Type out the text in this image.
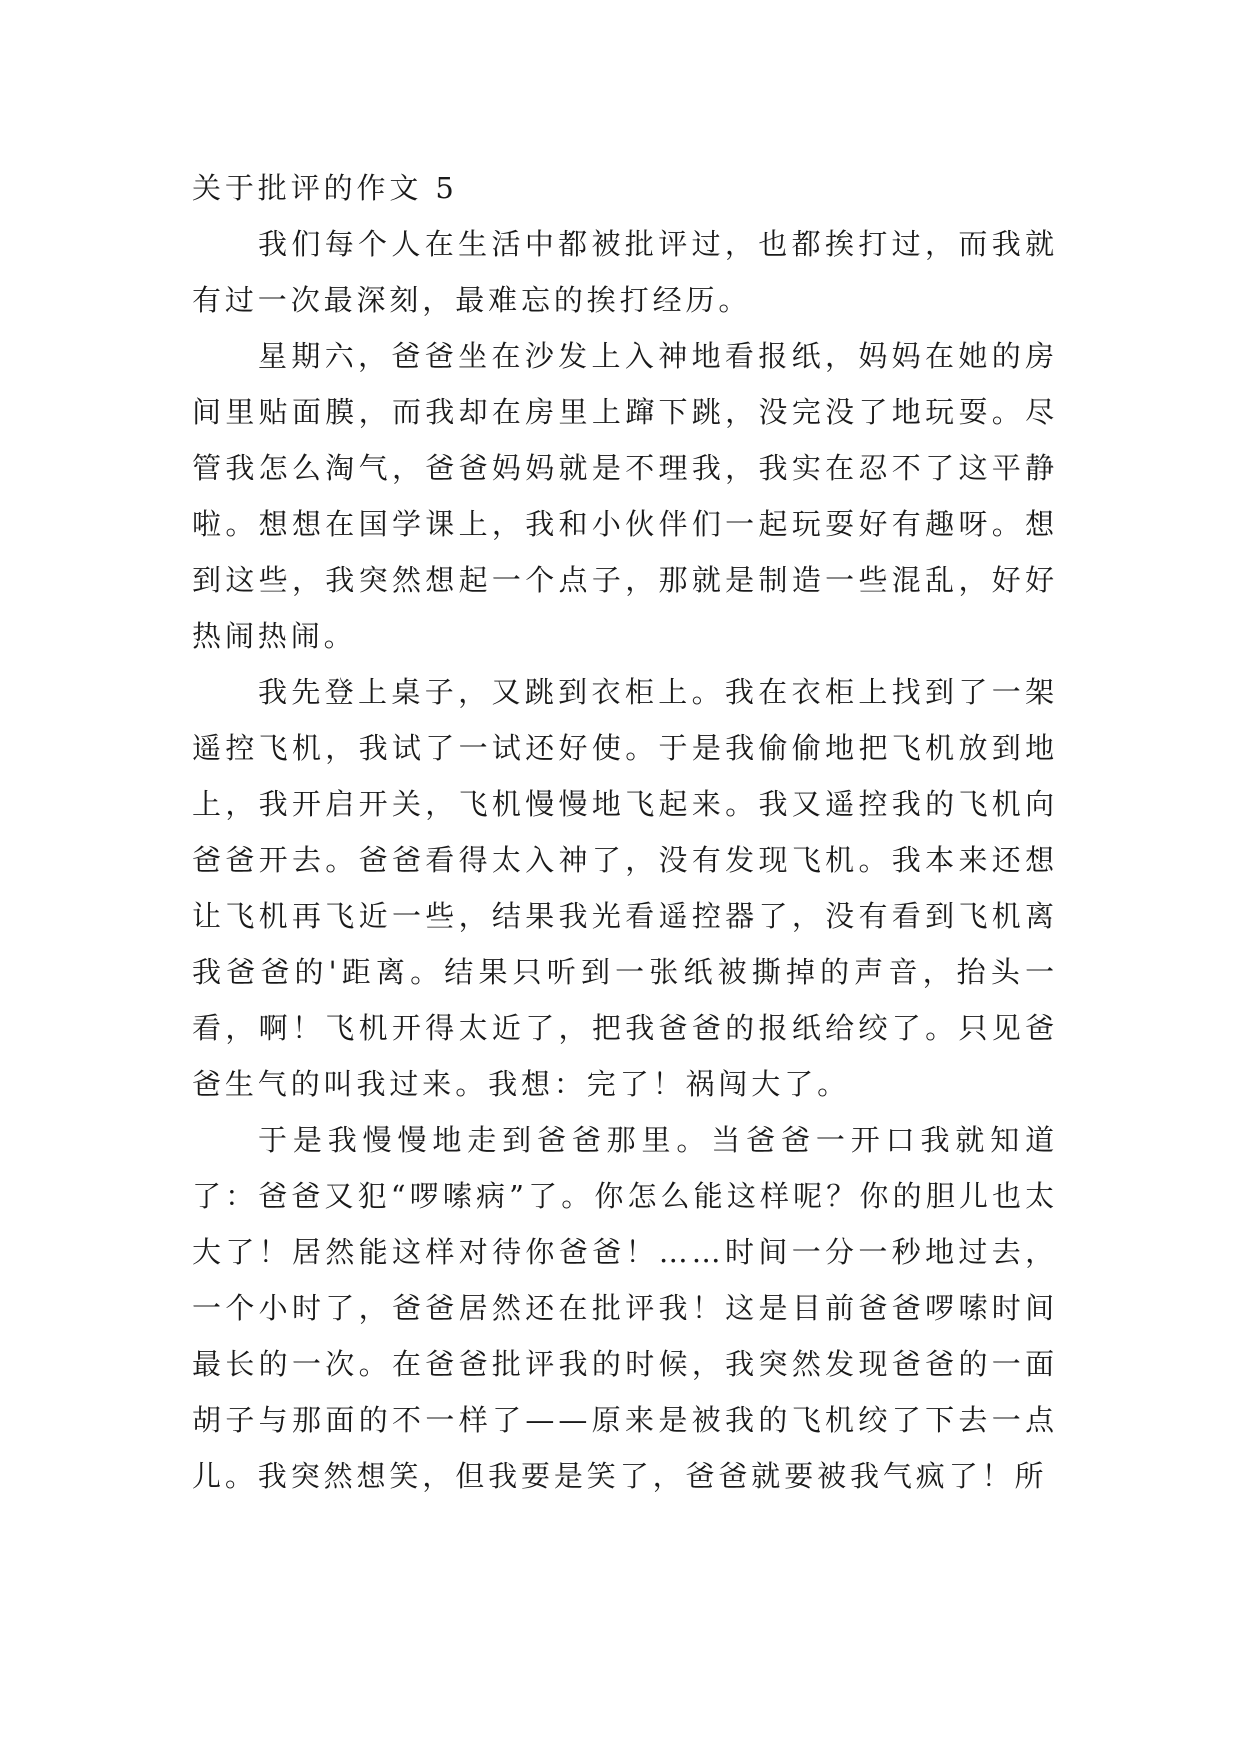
关于批评的作文 5

我们每个人在生活中都被批评过，也都挨打过，而我就有过一次最深刻，最难忘的挨打经历。

星期六，爸爸坐在沙发上入神地看报纸，妈妈在她的房间里贴面膜，而我却在房里上蹿下跳，没完没了地玩耍。尽管我怎么淘气，爸爸妈妈就是不理我，我实在忍不了这平静啦。想想在国学课上，我和小伙伴们一起玩耍好有趣呀。想到这些，我突然想起一个点子，那就是制造一些混乱，好好热闹热闹。

我先登上桌子，又跳到衣柜上。我在衣柜上找到了一架遥控飞机，我试了一试还好使。于是我偷偷地把飞机放到地上，我开启开关，飞机慢慢地飞起来。我又遥控我的飞机向爸爸开去。爸爸看得太入神了，没有发现飞机。我本来还想让飞机再飞近一些，结果我光看遥控器了，没有看到飞机离我爸爸的'距离。结果只听到一张纸被撕掉的声音，抬头一看，啊！飞机开得太近了，把我爸爸的报纸给绞了。只见爸爸生气的叫我过来。我想：完了！祸闯大了。

于是我慢慢地走到爸爸那里。当爸爸一开口我就知道了：爸爸又犯“啰嗦病”了。你怎么能这样呢？你的胆儿也太大了！居然能这样对待你爸爸！……时间一分一秒地过去，一个小时了，爸爸居然还在批评我！这是目前爸爸啰嗦时间最长的一次。在爸爸批评我的时候，我突然发现爸爸的一面胡子与那面的不一样了——原来是被我的飞机绞了下去一点儿。我突然想笑，但我要是笑了，爸爸就要被我气疯了！所
